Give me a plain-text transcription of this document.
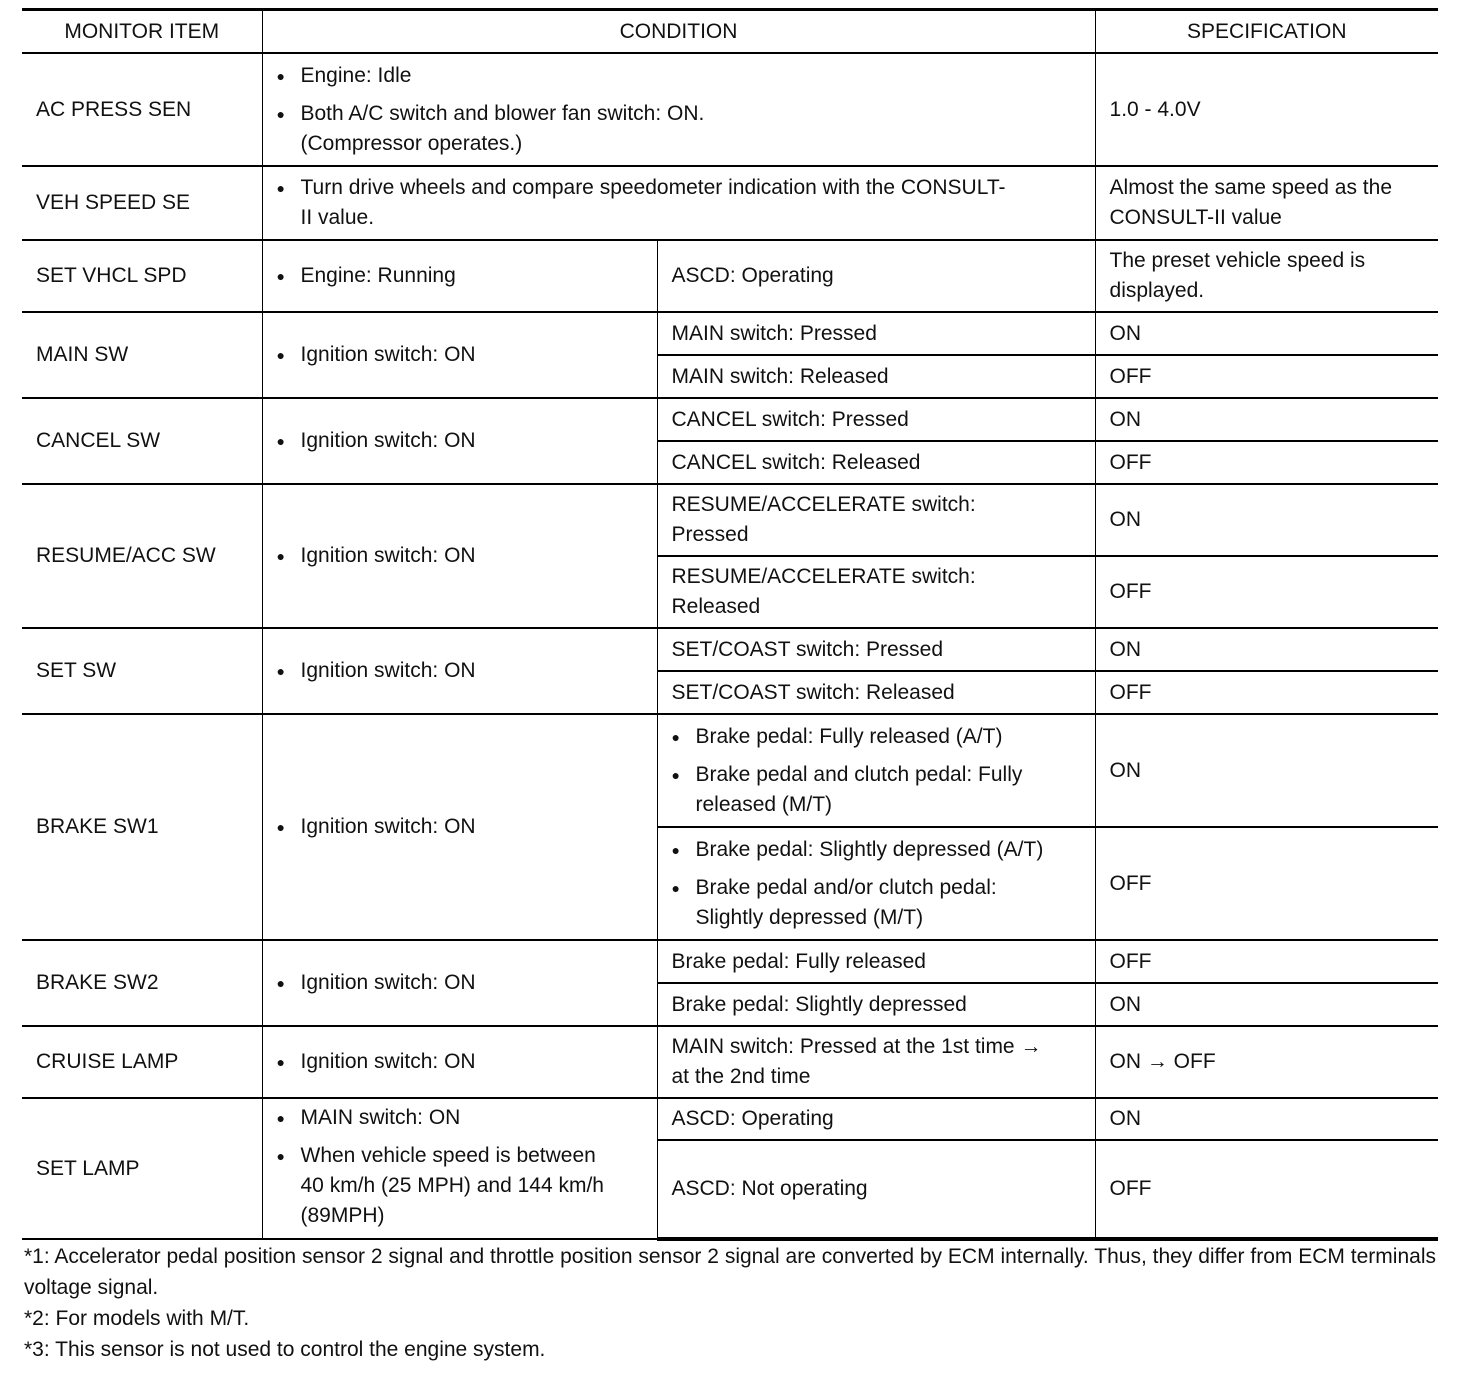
MONITOR ITEM	CONDITION		SPECIFICATION
AC PRESS SEN	● Engine: Idle
● Both A/C switch and blower fan switch: ON.
(Compressor operates.)		1.0 - 4.0V
VEH SPEED SE	● Turn drive wheels and compare speedometer indication with the CONSULT-
II value.		Almost the same speed as the
CONSULT-II value
SET VHCL SPD	● Engine: Running	ASCD: Operating	The preset vehicle speed is
displayed.
MAIN SW	● Ignition switch: ON	MAIN switch: Pressed	ON
		MAIN switch: Released	OFF
CANCEL SW	● Ignition switch: ON	CANCEL switch: Pressed	ON
		CANCEL switch: Released	OFF
RESUME/ACC SW	● Ignition switch: ON	RESUME/ACCELERATE switch:
Pressed	ON
		RESUME/ACCELERATE switch:
Released	OFF
SET SW	● Ignition switch: ON	SET/COAST switch: Pressed	ON
		SET/COAST switch: Released	OFF
BRAKE SW1	● Ignition switch: ON	● Brake pedal: Fully released (A/T)
● Brake pedal and clutch pedal: Fully
released (M/T)	ON

		● Brake pedal: Slightly depressed (A/T)
● Brake pedal and/or clutch pedal:
Slightly depressed (M/T)	OFF
BRAKE SW2	● Ignition switch: ON	Brake pedal: Fully released	OFF
		Brake pedal: Slightly depressed	ON
CRUISE LAMP	● Ignition switch: ON	MAIN switch: Pressed at the 1st time →
at the 2nd time	ON → OFF
SET LAMP	● MAIN switch: ON
● When vehicle speed is between
40 km/h (25 MPH) and 144 km/h
(89MPH)	ASCD: Operating	ON
		ASCD: Not operating	OFF

*1: Accelerator pedal position sensor 2 signal and throttle position sensor 2 signal are converted by ECM internally. Thus, they differ from ECM terminals voltage signal.

*2: For models with M/T.

*3: This sensor is not used to control the engine system.
